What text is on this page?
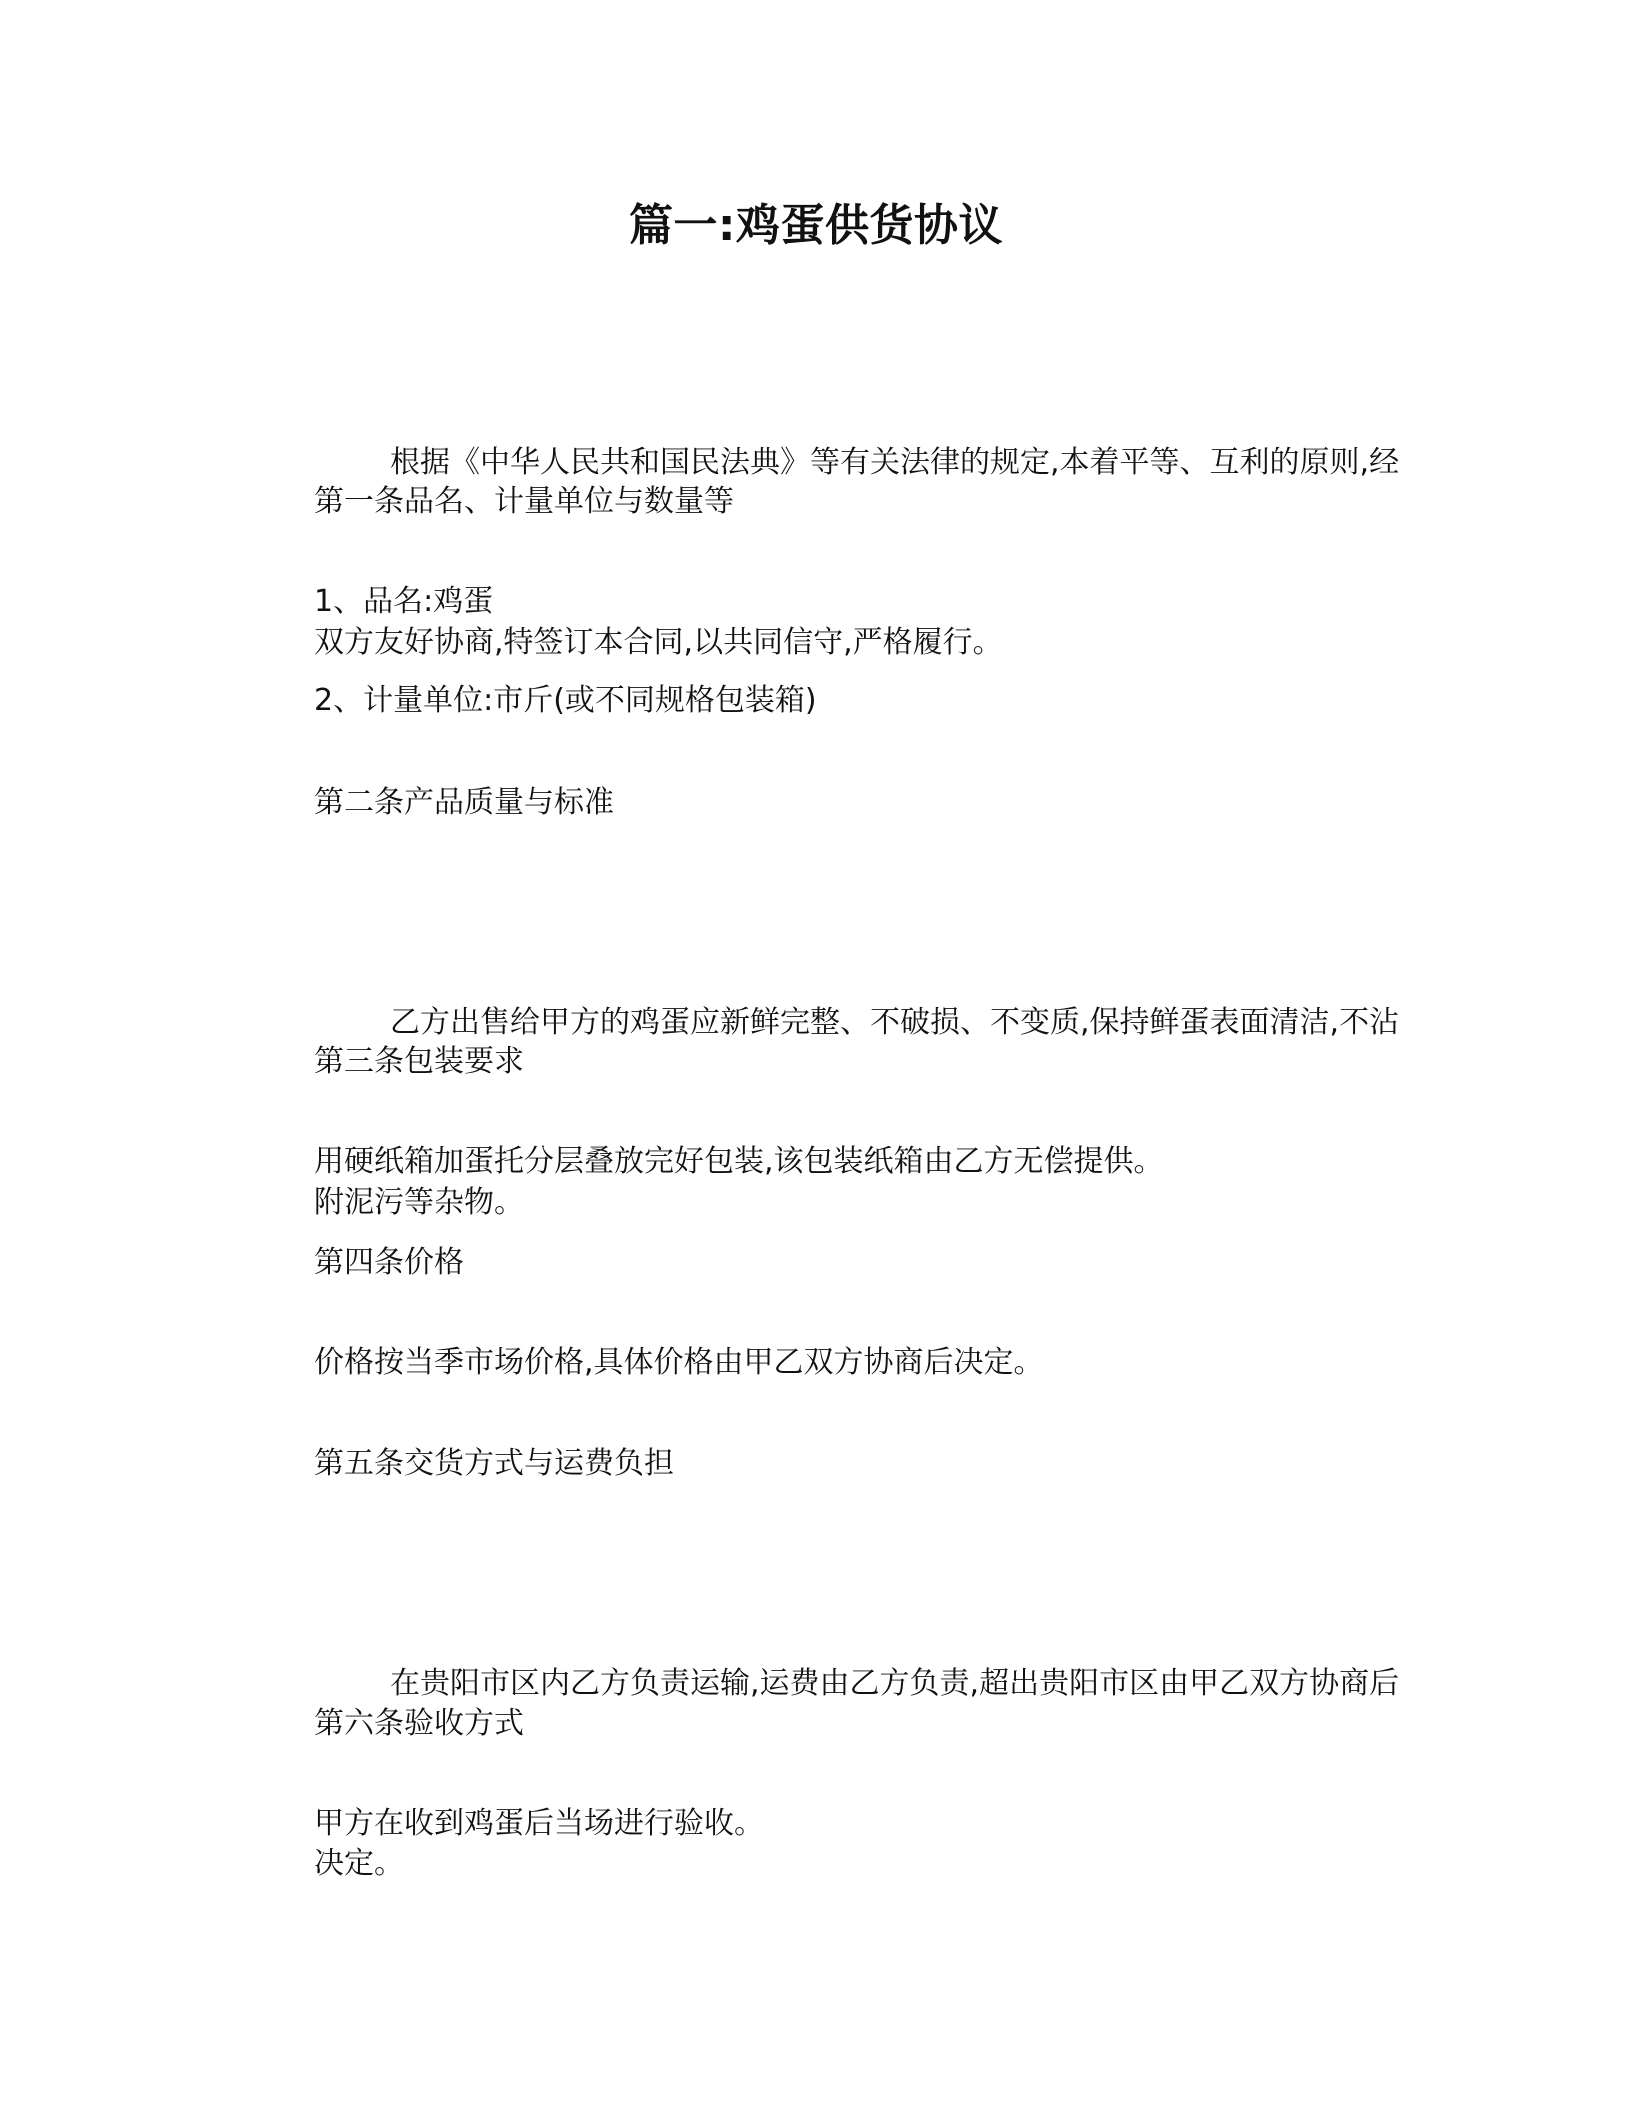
篇一:鸡蛋供货协议

根据《中华人民共和国民法典》等有关法律的规定,本着平等、互利的原则,经

双方友好协商,特签订本合同,以共同信守,严格履行。

第一条品名、计量单位与数量等

1、品名:鸡蛋

2、计量单位:市斤(或不同规格包装箱)

第二条产品质量与标准

乙方出售给甲方的鸡蛋应新鲜完整、不破损、不变质,保持鲜蛋表面清洁,不沾

附泥污等杂物。

第三条包装要求

用硬纸箱加蛋托分层叠放完好包装,该包装纸箱由乙方无偿提供。

第四条价格

价格按当季市场价格,具体价格由甲乙双方协商后决定。

第五条交货方式与运费负担

在贵阳市区内乙方负责运输,运费由乙方负责,超出贵阳市区由甲乙双方协商后

决定。

第六条验收方式

甲方在收到鸡蛋后当场进行验收。
